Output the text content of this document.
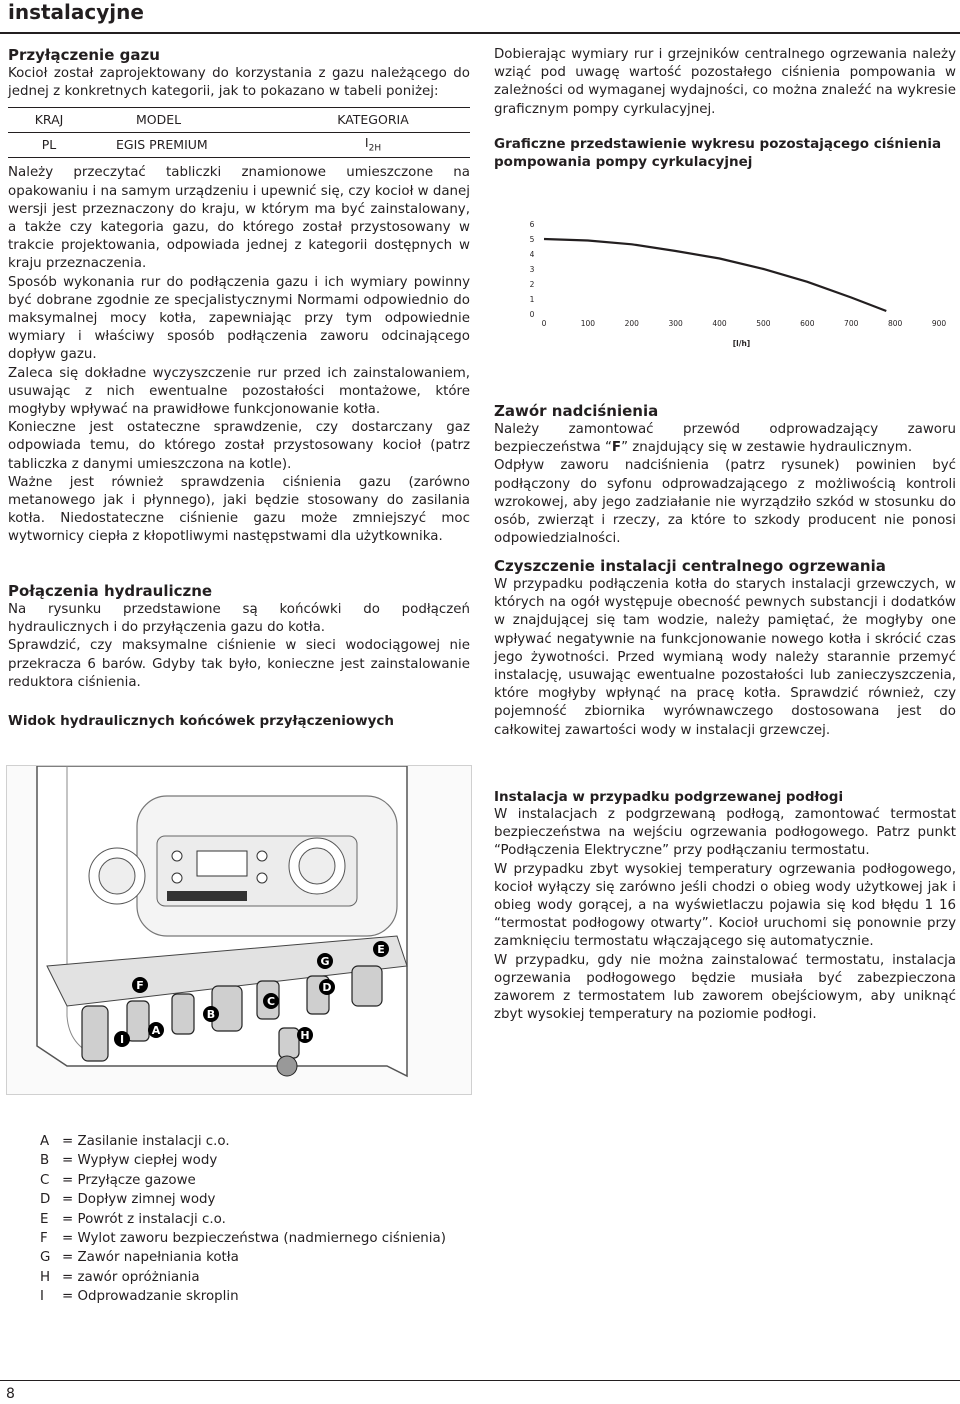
instalacyjne

Przyłączenie gazu

Kocioł został zaprojektowany do korzystania z gazu należącego do jednej z konkretnych kategorii, jak to pokazano w tabeli poniżej:

KRAJ	MODEL	KATEGORIA
PL	EGIS PREMIUM	$I_{2H}$

Należy przeczytać tabliczki znamionowe umieszczone na opakowaniu i na samym urządzeniu i upewnić się, czy kocioł w danej wersji jest przeznaczony do kraju, w którym ma być zainstalowany, a także czy kategoria gazu, do którego został przystosowany w trakcie projektowania, odpowiada jednej z kategorii dostępnych w kraju przeznaczenia.

Sposób wykonania rur do podłączenia gazu i ich wymiary powinny być dobrane zgodnie ze specjalistycznymi Normami odpowiednio do maksymalnej mocy kotła, zapewniając przy tym odpowiednie wymiary i właściwy sposób podłączenia zaworu odcinającego dopływ gazu.

Zaleca się dokładne wyczyszczenie rur przed ich zainstalowaniem, usuwając z nich ewentualne pozostałości montażowe, które mogłyby wpływać na prawidłowe funkcjonowanie kotła.

Konieczne jest ostateczne sprawdzenie, czy dostarczany gaz odpowiada temu, do którego został przystosowany kocioł (patrz tabliczka z danymi umieszczona na kotle).

Ważne jest również sprawdzenia ciśnienia gazu (zarówno metanowego jak i płynnego), jaki będzie stosowany do zasilania kotła. Niedostateczne ciśnienie gazu może zmniejszyć moc wytwornicy ciepła z kłopotliwymi następstwami dla użytkownika.

Połączenia hydrauliczne

Na rysunku przedstawione są końcówki do podłączeń hydraulicznych i do przyłączenia gazu do kotła.

Sprawdzić, czy maksymalne ciśnienie w sieci wodociągowej nie przekracza 6 barów. Gdyby tak było, konieczne jest zainstalowanie reduktora ciśnienia.

Widok hydraulicznych końcówek przyłączeniowych

F
I
A
B
C
G
D
E
H
A = Zasilanie instalacji c.o.
B = Wypływ ciepłej wody
C = Przyłącze gazowe
D = Dopływ zimnej wody
E	= Powrót z instalacji c.o.
F	= Wylot zaworu bezpieczeństwa (nadmiernego ciśnienia)
G = Zawór napełniania kotła
H = zawór opróżniania
I	= Odprowadzanie skroplin

Dobierając wymiary rur i grzejników centralnego ogrzewania należy wziąć pod uwagę wartość pozostałego ciśnienia pompowania w zależności od wymaganej wydajności, co można znaleźć na wykresie graficznym pompy cyrkulacyjnej.

Graficzne przedstawienie wykresu pozostającego ciśnienia pompowania pompy cyrkulacyjnej

0
1
2
3
4
5
6
0	100	200	300	400	500	600	700	800	900
[l/h]

Zawór nadciśnienia

Należy zamontować przewód odprowadzający zaworu bezpieczeństwa “F” znajdujący się w zestawie hydraulicznym.

Odpływ zaworu nadciśnienia (patrz rysunek) powinien być podłączony do syfonu odprowadzającego z możliwością kontroli wzrokowej, aby jego zadziałanie nie wyrządziło szkód w stosunku do osób, zwierząt i rzeczy, za które to szkody producent nie ponosi odpowiedzialności.

Czyszczenie instalacji centralnego ogrzewania

W przypadku podłączenia kotła do starych instalacji grzewczych, w których na ogół występuje obecność pewnych substancji i dodatków w znajdującej się tam wodzie, należy pamiętać, że mogłyby one wpływać negatywnie na funkcjonowanie nowego kotła i skrócić czas jego żywotności. Przed wymianą wody należy starannie przemyć instalację, usuwając ewentualne pozostałości lub zanieczyszczenia, które mogłyby wpłynąć na pracę kotła. Sprawdzić również, czy pojemność zbiornika wyrównawczego dostosowana jest do całkowitej zawartości wody w instalacji grzewczej.

Instalacja w przypadku podgrzewanej podłogi

W instalacjach z podgrzewaną podłogą, zamontować termostat bezpieczeństwa na wejściu ogrzewania podłogowego. Patrz punkt “Podłączenia Elektryczne” przy podłączaniu termostatu.

W przypadku zbyt wysokiej temperatury ogrzewania podłogowego, kocioł wyłączy się zarówno jeśli chodzi o obieg wody użytkowej jak i obieg wody gorącej, a na wyświetlaczu pojawia się kod błędu 1 16 “termostat podłogowy otwarty”. Kocioł uruchomi się ponownie przy zamknięciu termostatu włączającego się automatycznie.

W przypadku, gdy nie można zainstalować termostatu, instalacja ogrzewania podłogowego będzie musiała być zabezpieczona zaworem z termostatem lub zaworem obejściowym, aby uniknąć zbyt wysokiej temperatury na poziomie podłogi.

8
